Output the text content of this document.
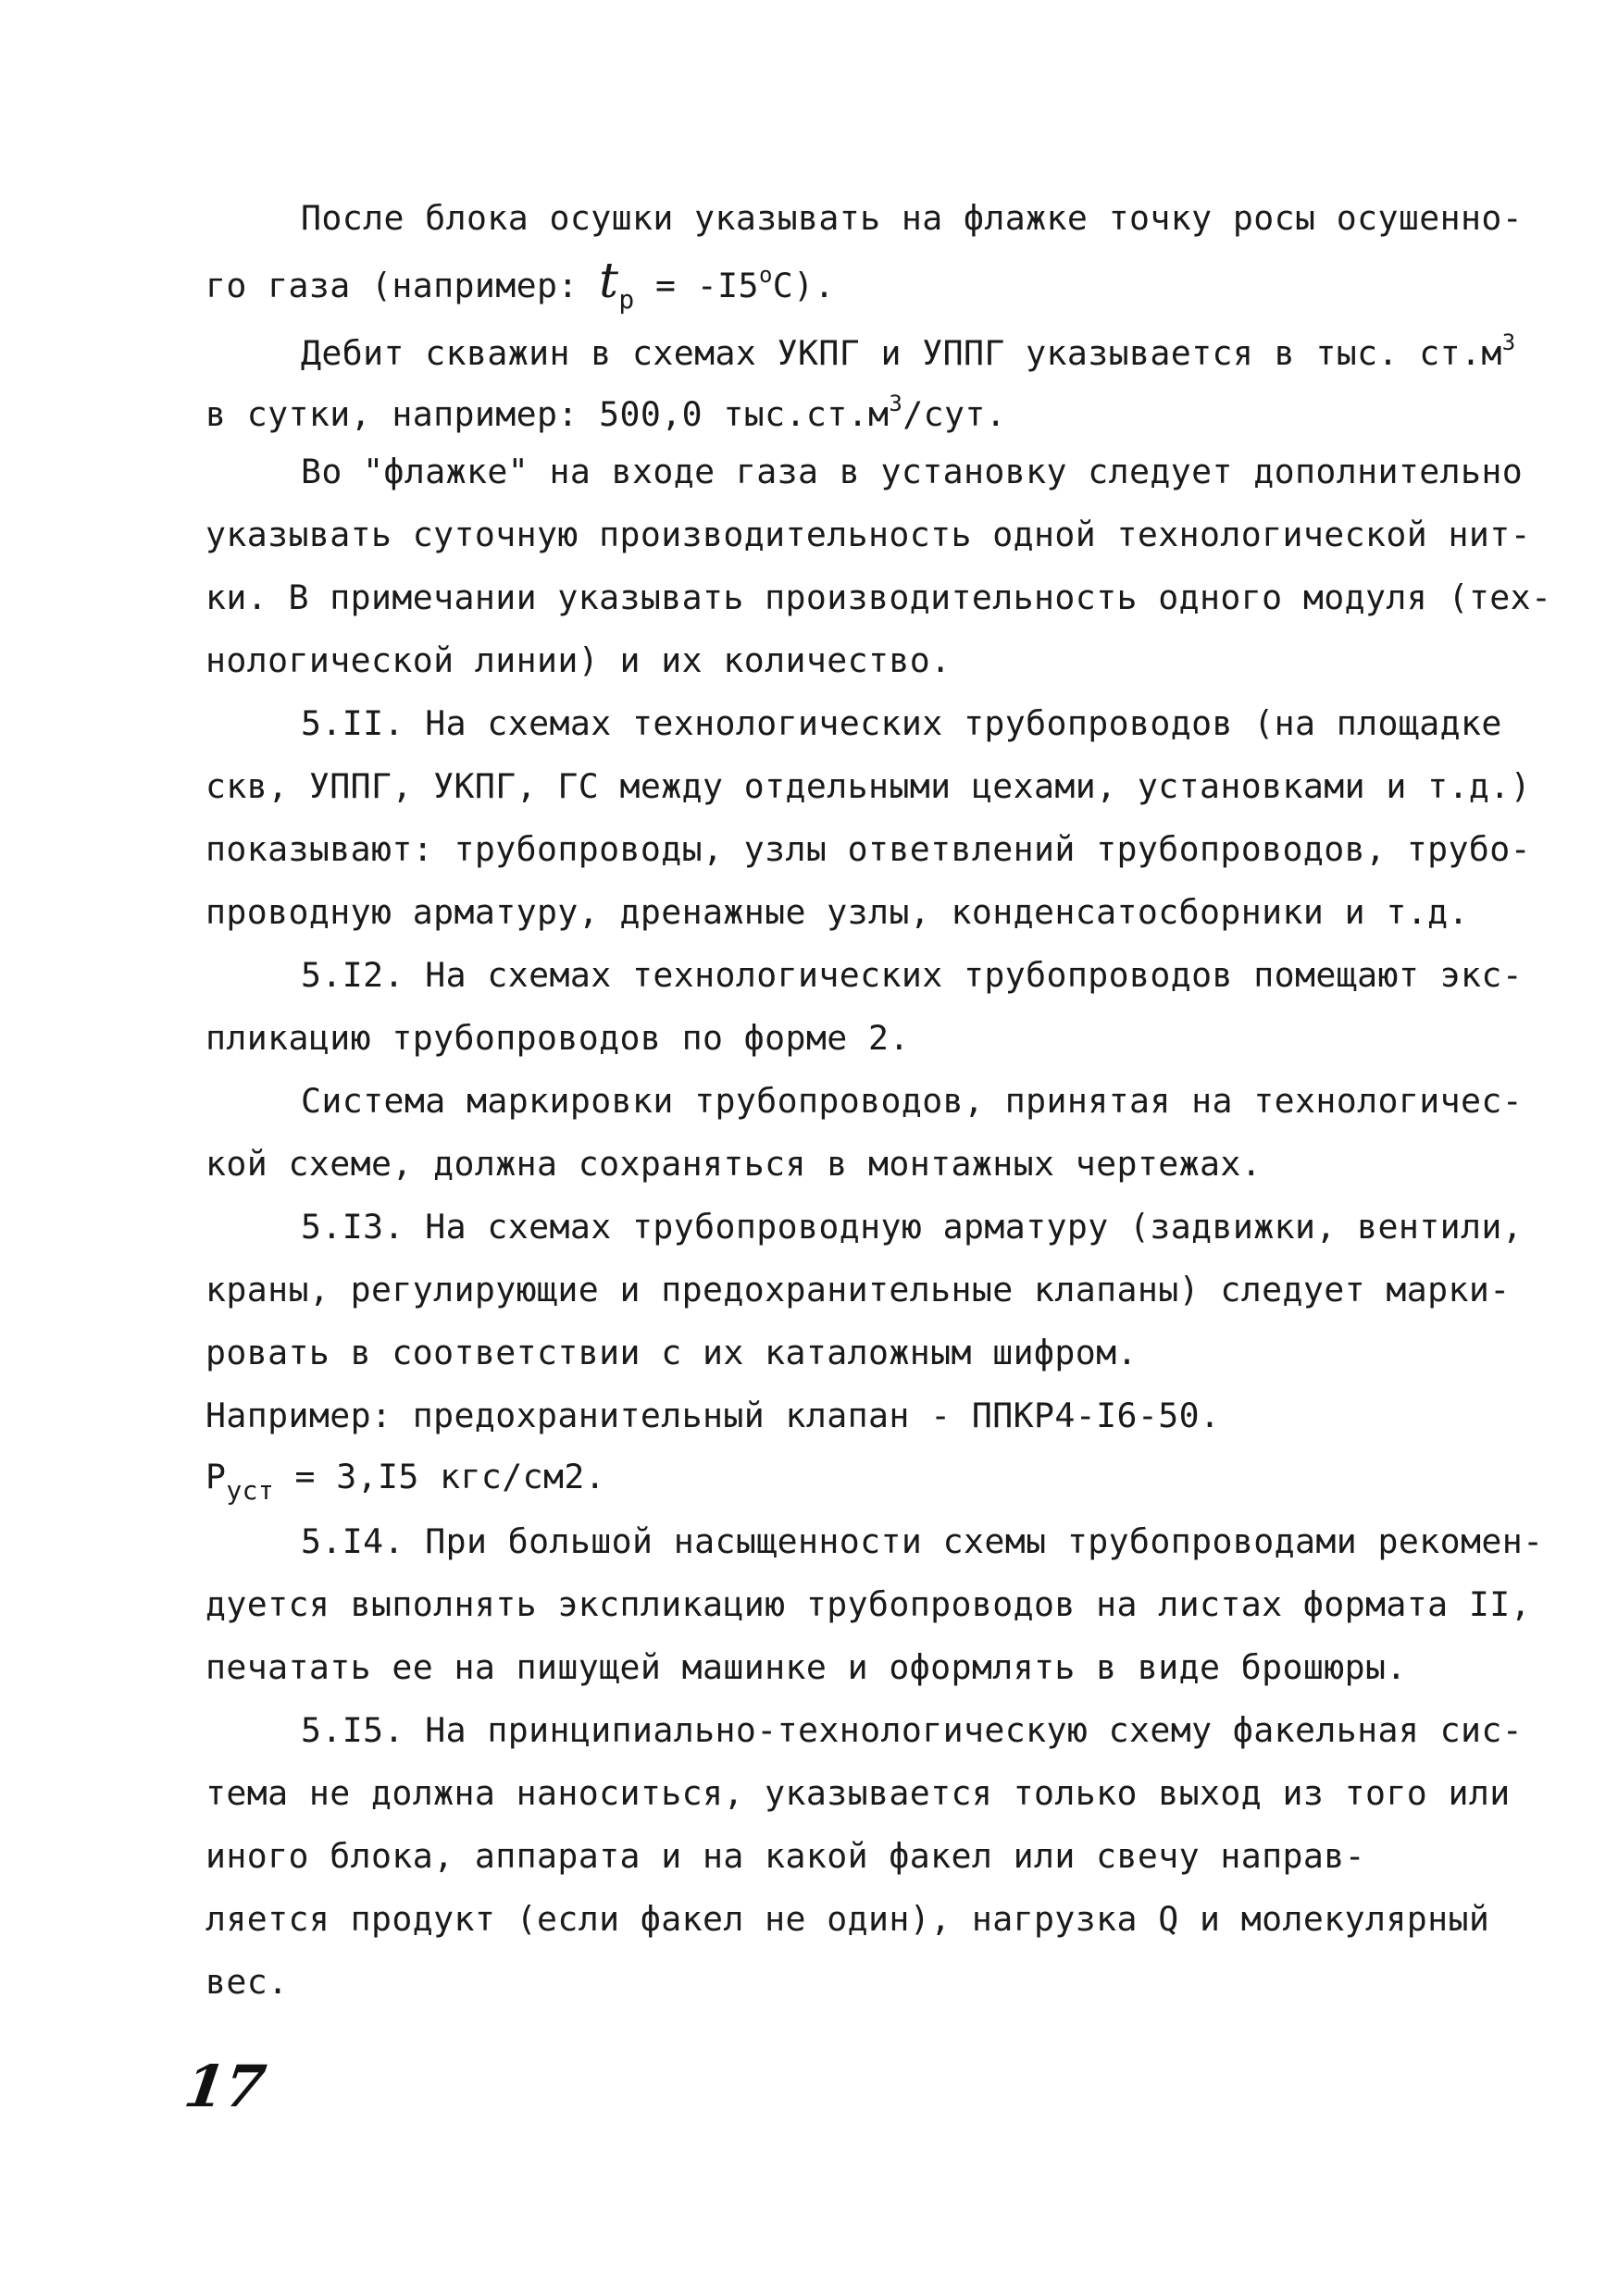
После блока осушки указывать на флажке точку росы осушенно-
го газа (например: $t_р = -I5^оС$).
Дебит скважин в схемах УКПГ и УППГ указывается в тыс. $ст.м^3$
в сутки, например: 500,0 $тыс.ст.м^3$/сут.
Во "флажке" на входе газа в установку следует дополнительно
указывать суточную производительность одной технологической нит-
ки. В примечании указывать производительность одного модуля (тех-
нологической линии) и их количество.
5.II. На схемах технологических трубопроводов (на площадке
скв, УППГ, УКПГ, ГС между отдельными цехами, установками и т.д.)
показывают: трубопроводы, узлы ответвлений трубопроводов, трубо-
проводную арматуру, дренажные узлы, конденсатосборники и т.д.
5.I2. На схемах технологических трубопроводов помещают экс-
пликацию трубопроводов по форме 2.
Система маркировки трубопроводов, принятая на технологичес-
кой схеме, должна сохраняться в монтажных чертежах.
5.I3. На схемах трубопроводную арматуру (задвижки, вентили,
краны, регулирующие и предохранительные клапаны) следует марки-
ровать в соответствии с их каталожным шифром.
Например: предохранительный клапан - ППКР4-I6-50.
$Р_{уст} = 3,I5$ кгс/см2.
5.I4. При большой насыщенности схемы трубопроводами рекомен-
дуется выполнять экспликацию трубопроводов на листах формата II,
печатать ее на пишущей машинке и оформлять в виде брошюры.
5.I5. На принципиально-технологическую схему факельная сис-
тема не должна наноситься, указывается только выход из того или
иного блока, аппарата и на какой факел или свечу направ-
ляется продукт (если факел не один), нагрузка Q и молекулярный
вес.
17
